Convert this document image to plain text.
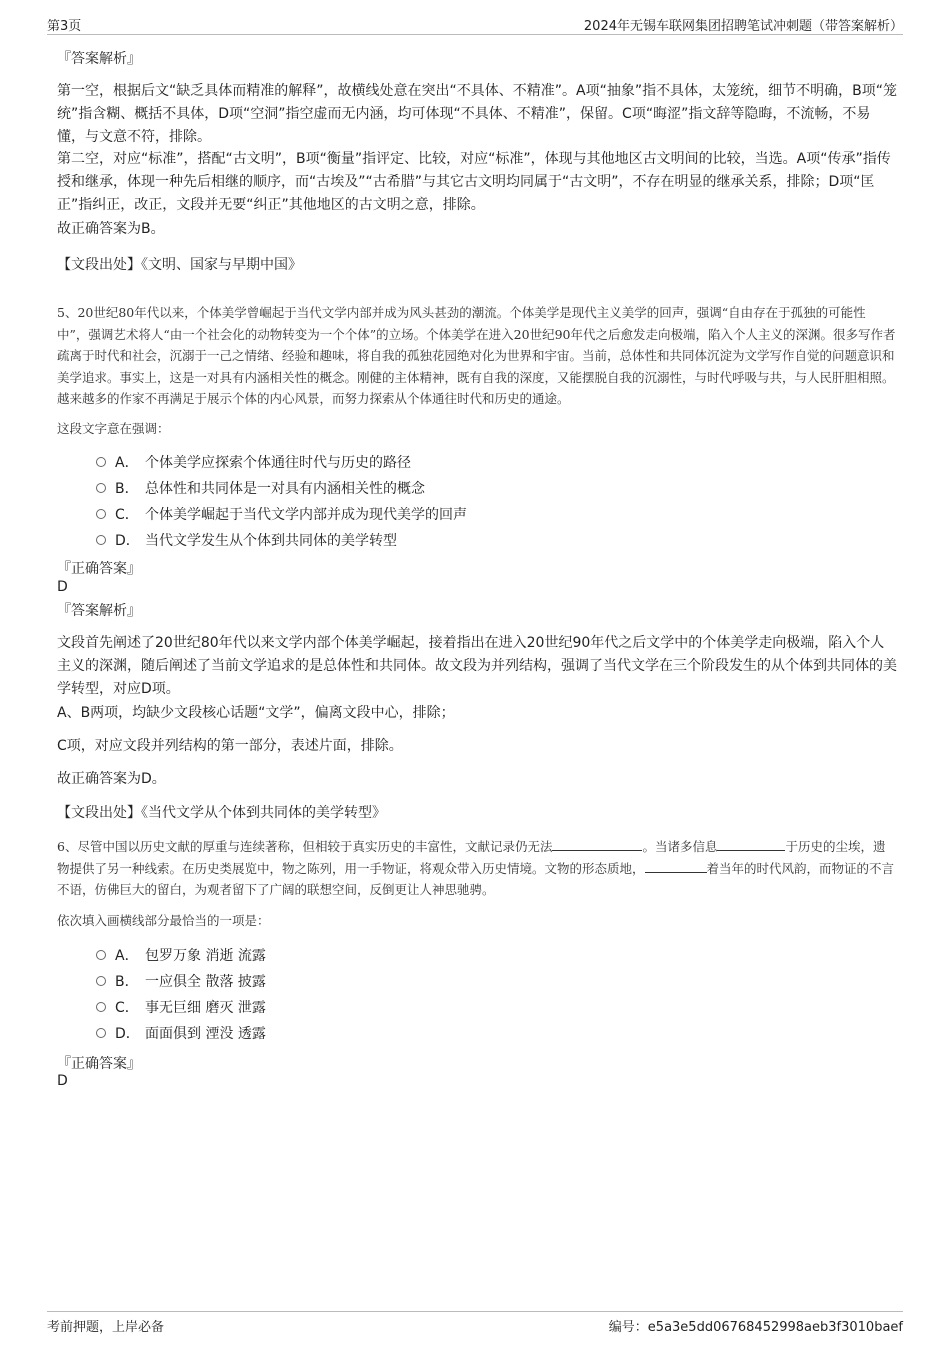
第3页	2024年无锡车联网集团招聘笔试冲刺题（带答案解析）
『答案解析』
第一空，根据后文“缺乏具体而精准的解释”，故横线处意在突出“不具体、不精准”。A项“抽象”指不具体，太笼统，细节不明确，B项“笼统”指含糊、概括不具体，D项“空洞”指空虚而无内涵，均可体现“不具体、不精准”，保留。C项“晦涩”指文辞等隐晦，不流畅，不易懂，与文意不符，排除。
第二空，对应“标准”，搭配“古文明”，B项“衡量”指评定、比较，对应“标准”，体现与其他地区古文明间的比较，当选。A项“传承”指传授和继承，体现一种先后相继的顺序，而“古埃及”“古希腊”与其它古文明均同属于“古文明”，不存在明显的继承关系，排除；D项“匡正”指纠正，改正，文段并无要“纠正”其他地区的古文明之意，排除。
故正确答案为B。
【文段出处】《文明、国家与早期中国》
5、20世纪80年代以来，个体美学曾崛起于当代文学内部并成为风头甚劲的潮流。个体美学是现代主义美学的回声，强调“自由存在于孤独的可能性中”，强调艺术将人“由一个社会化的动物转变为一个个体”的立场。个体美学在进入20世纪90年代之后愈发走向极端，陷入个人主义的深渊。很多写作者疏离于时代和社会，沉溺于一己之情绪、经验和趣味，将自我的孤独花园绝对化为世界和宇宙。当前，总体性和共同体沉淀为文学写作自觉的问题意识和美学追求。事实上，这是一对具有内涵相关性的概念。刚健的主体精神，既有自我的深度，又能摆脱自我的沉溺性，与时代呼吸与共，与人民肝胆相照。越来越多的作家不再满足于展示个体的内心风景，而努力探索从个体通往时代和历史的通途。
这段文字意在强调：
A． 个体美学应探索个体通往时代与历史的路径
B． 总体性和共同体是一对具有内涵相关性的概念
C． 个体美学崛起于当代文学内部并成为现代美学的回声
D． 当代文学发生从个体到共同体的美学转型
『正确答案』
D
『答案解析』
文段首先阐述了20世纪80年代以来文学内部个体美学崛起，接着指出在进入20世纪90年代之后文学中的个体美学走向极端，陷入个人主义的深渊，随后阐述了当前文学追求的是总体性和共同体。故文段为并列结构，强调了当代文学在三个阶段发生的从个体到共同体的美学转型，对应D项。
A、B两项，均缺少文段核心话题“文学”，偏离文段中心，排除；
C项，对应文段并列结构的第一部分，表述片面，排除。
故正确答案为D。
【文段出处】《当代文学从个体到共同体的美学转型》
6、尽管中国以历史文献的厚重与连续著称，但相较于真实历史的丰富性，文献记录仍无法	。当诸多信息	于历史的尘埃，遗物提供了另一种线索。在历史类展览中，物之陈列，用一手物证，将观众带入历史情境。文物的形态质地，	着当年的时代风韵，而物证的不言不语，仿佛巨大的留白，为观者留下了广阔的联想空间，反倒更让人神思驰骋。
依次填入画横线部分最恰当的一项是：
A． 包罗万象 消逝 流露
B． 一应俱全 散落 披露
C． 事无巨细 磨灭 泄露
D． 面面俱到 湮没 透露
『正确答案』
D
考前押题，上岸必备	编号：e5a3e5dd06768452998aeb3f3010baef
